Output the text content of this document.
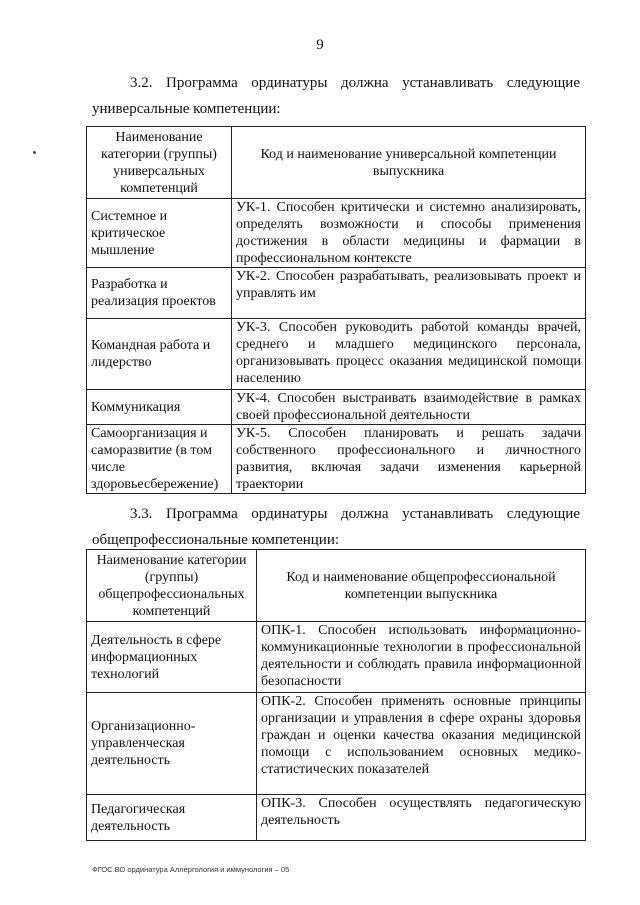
9
3.2. Программа ординатуры должна устанавливать следующие универсальные компетенции:
Наименование категории (группы) универсальных компетенций	Код и наименование универсальной компетенции выпускника
Системное и критическое мышление	УК-1. Способен критически и системно анализировать, определять возможности и способы применения достижения в области медицины и фармации в профессиональном контексте
Разработка и реализация проектов	УК-2. Способен разрабатывать, реализовывать проект и управлять им
Командная работа и лидерство	УК-3. Способен руководить работой команды врачей, среднего и младшего медицинского персонала, организовывать процесс оказания медицинской помощи населению
Коммуникация	УК-4. Способен выстраивать взаимодействие в рамках своей профессиональной деятельности
Самоорганизация и саморазвитие (в том числе здоровьесбережение)	УК-5. Способен планировать и решать задачи собственного профессионального и личностного развития, включая задачи изменения карьерной траектории
3.3. Программа ординатуры должна устанавливать следующие общепрофессиональные компетенции:
Наименование категории (группы) общепрофессиональных компетенций	Код и наименование общепрофессиональной компетенции выпускника
Деятельность в сфере информационных технологий	ОПК-1. Способен использовать информационно-коммуникационные технологии в профессиональной деятельности и соблюдать правила информационной безопасности
Организационно-управленческая деятельность	ОПК-2. Способен применять основные принципы организации и управления в сфере охраны здоровья граждан и оценки качества оказания медицинской помощи с использованием основных медико-статистических показателей
Педагогическая деятельность	ОПК-3. Способен осуществлять педагогическую деятельность
ФГОС ВО ординатура Аллергология и иммунология – 05
